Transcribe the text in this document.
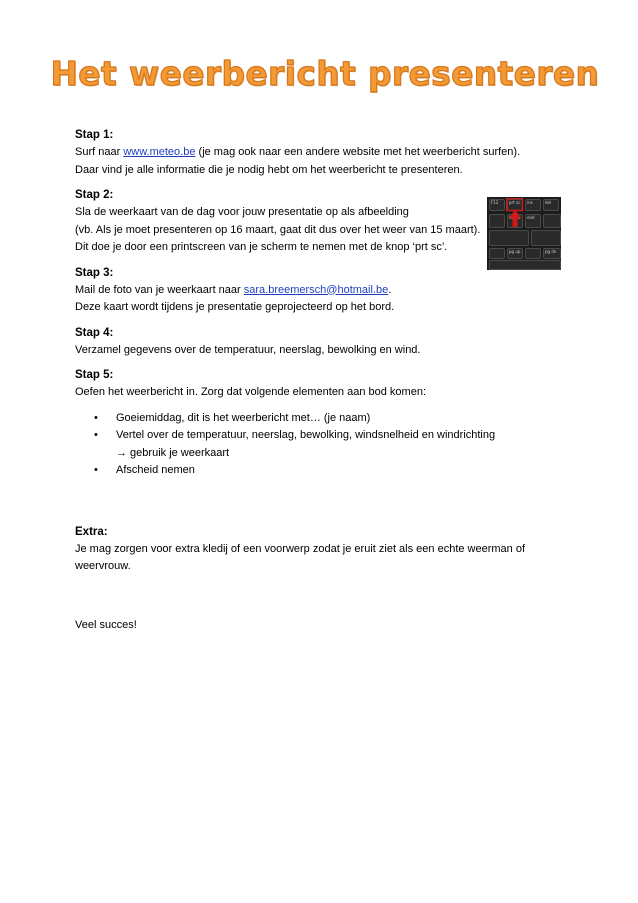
Het weerbericht presenteren
F12	prt sc ins	del
end
pg up	pg dn
Stap 1:
Surf naar www.meteo.be (je mag ook naar een andere website met het weerbericht surfen).
Daar vind je alle informatie die je nodig hebt om het weerbericht te presenteren.
Stap 2:
Sla de weerkaart van de dag voor jouw presentatie op als afbeelding
(vb. Als je moet presenteren op 16 maart, gaat dit dus over het weer van 15 maart).
Dit doe je door een printscreen van je scherm te nemen met de knop ‘prt sc’.
Stap 3:
Mail de foto van je weerkaart naar sara.breemersch@hotmail.be.
Deze kaart wordt tijdens je presentatie geprojecteerd op het bord.
Stap 4:
Verzamel gegevens over de temperatuur, neerslag, bewolking en wind.
Stap 5:
Oefen het weerbericht in. Zorg dat volgende elementen aan bod komen:
• Goeiemiddag, dit is het weerbericht met… (je naam)
• Vertel over de temperatuur, neerslag, bewolking, windsnelheid en windrichting
→ gebruik je weerkaart
• Afscheid nemen
Extra:
Je mag zorgen voor extra kledij of een voorwerp zodat je eruit ziet als een echte weerman of
weervrouw.
Veel succes!
